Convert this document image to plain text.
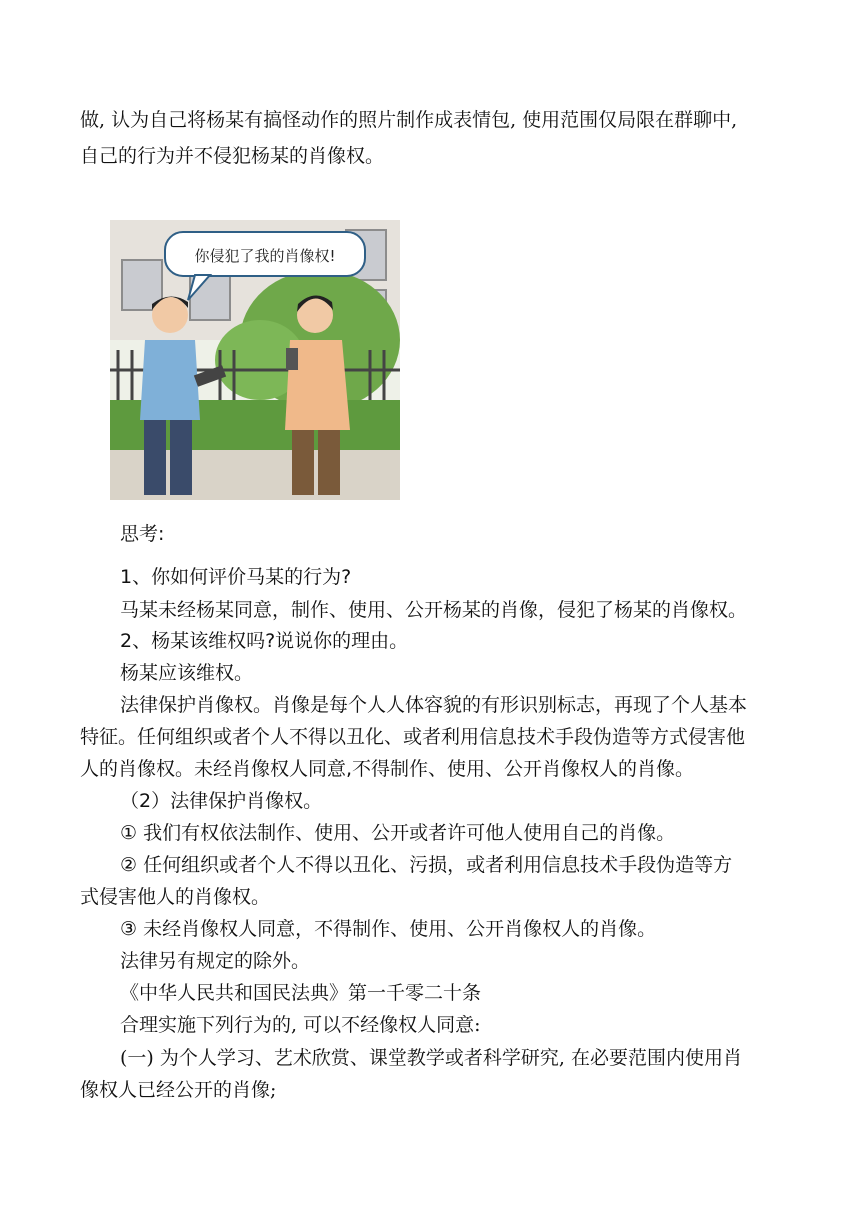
做, 认为自己将杨某有搞怪动作的照片制作成表情包, 使用范围仅局限在群聊中,
自己的行为并不侵犯杨某的肖像权。
你侵犯了我的肖像权!
思考:
1、你如何评价马某的行为?
马某未经杨某同意，制作、使用、公开杨某的肖像，侵犯了杨某的肖像权。
2、杨某该维权吗?说说你的理由。
杨某应该维权。
法律保护肖像权。肖像是每个人人体容貌的有形识别标志，再现了个人基本
特征。任何组织或者个人不得以丑化、或者利用信息技术手段伪造等方式侵害他
人的肖像权。未经肖像权人同意,不得制作、使用、公开肖像权人的肖像。
（2）法律保护肖像权。
① 我们有权依法制作、使用、公开或者许可他人使用自己的肖像。
② 任何组织或者个人不得以丑化、污损，或者利用信息技术手段伪造等方
式侵害他人的肖像权。
③ 未经肖像权人同意，不得制作、使用、公开肖像权人的肖像。
法律另有规定的除外。
《中华人民共和国民法典》第一千零二十条
合理实施下列行为的, 可以不经像权人同意:
(一) 为个人学习、艺术欣赏、课堂教学或者科学研究, 在必要范围内使用肖
像权人已经公开的肖像;
